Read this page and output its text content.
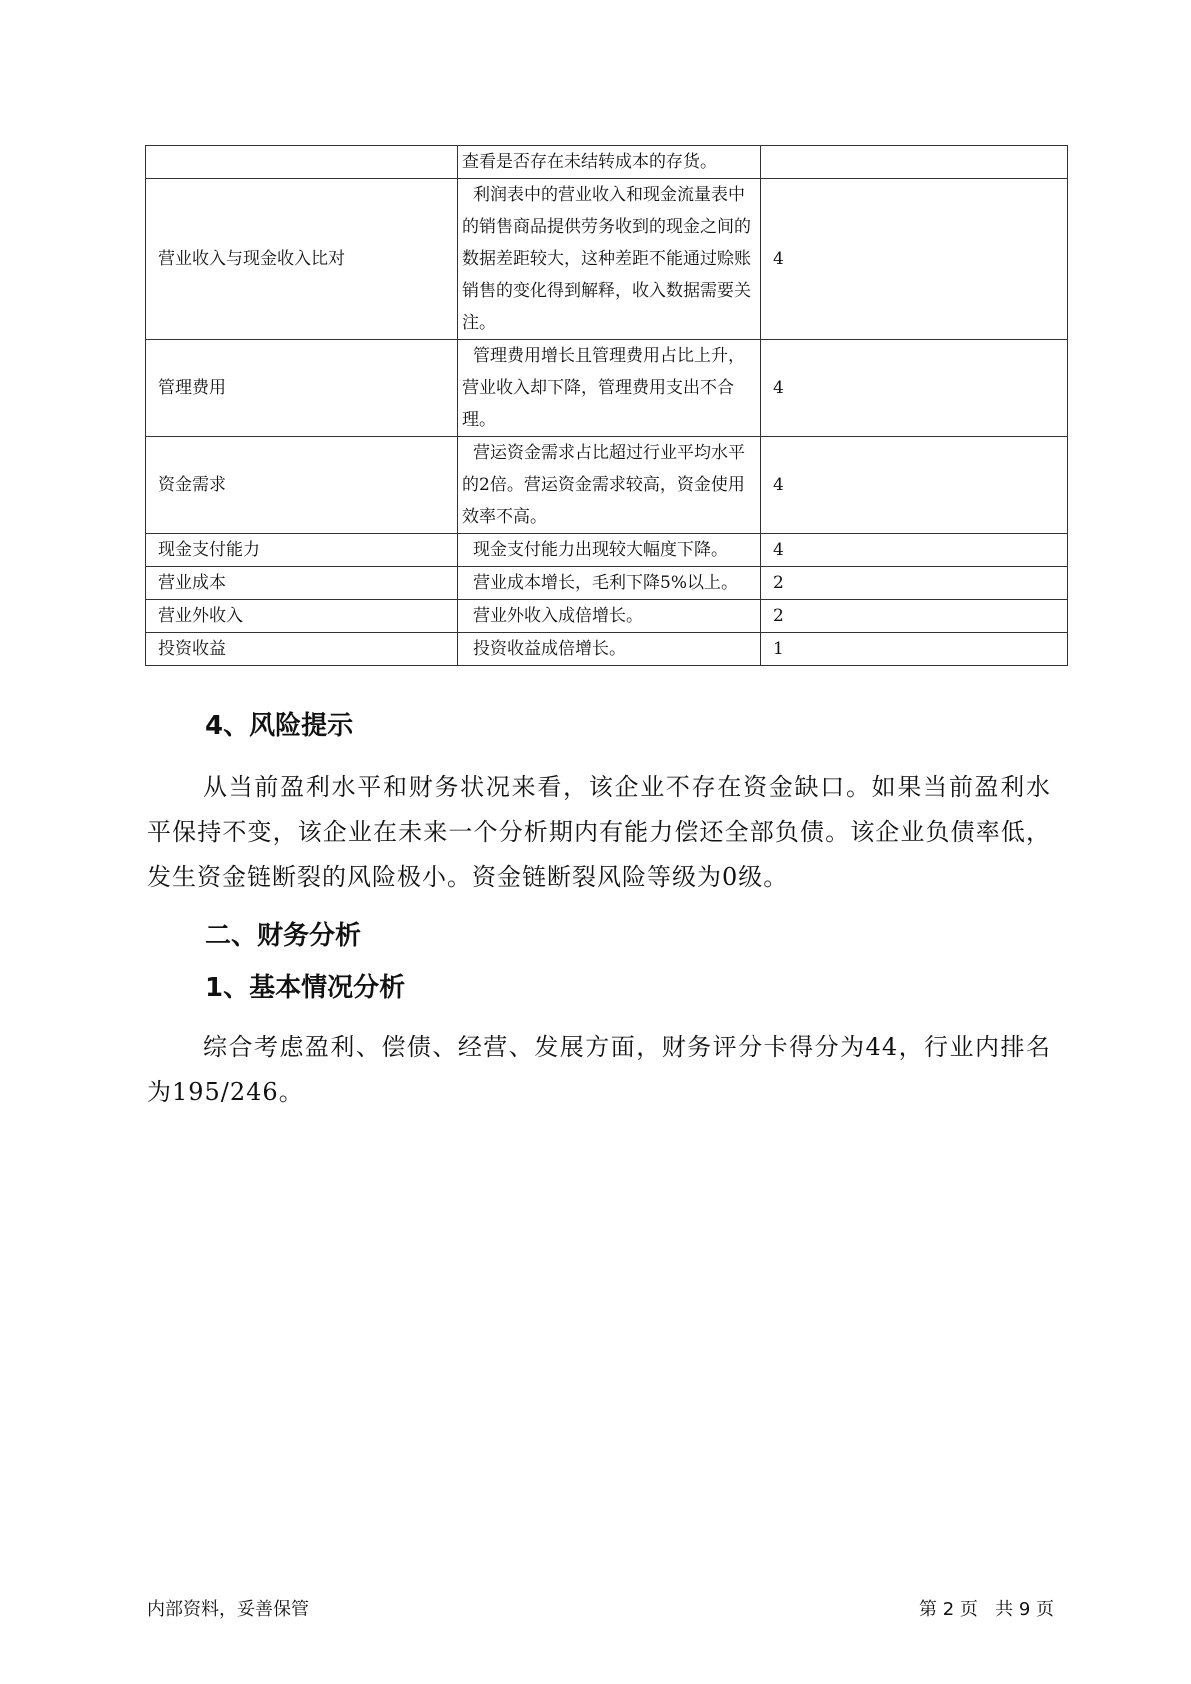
	查看是否存在未结转成本的存货。	
营业收入与现金收入比对	利润表中的营业收入和现金流量表中的销售商品提供劳务收到的现金之间的数据差距较大，这种差距不能通过赊账销售的变化得到解释，收入数据需要关注。	4
管理费用	管理费用增长且管理费用占比上升，营业收入却下降，管理费用支出不合理。	4
资金需求	营运资金需求占比超过行业平均水平的2倍。营运资金需求较高，资金使用效率不高。	4
现金支付能力	现金支付能力出现较大幅度下降。	4
营业成本	营业成本增长，毛利下降5%以上。	2
营业外收入	营业外收入成倍增长。	2
投资收益	投资收益成倍增长。	1
4、风险提示

从当前盈利水平和财务状况来看，该企业不存在资金缺口。如果当前盈利水平保持不变，该企业在未来一个分析期内有能力偿还全部负债。该企业负债率低，发生资金链断裂的风险极小。资金链断裂风险等级为0级。

二、财务分析
1、基本情况分析

综合考虑盈利、偿债、经营、发展方面，财务评分卡得分为44，行业内排名为195/246。

内部资料，妥善保管	第 2 页   共 9 页
